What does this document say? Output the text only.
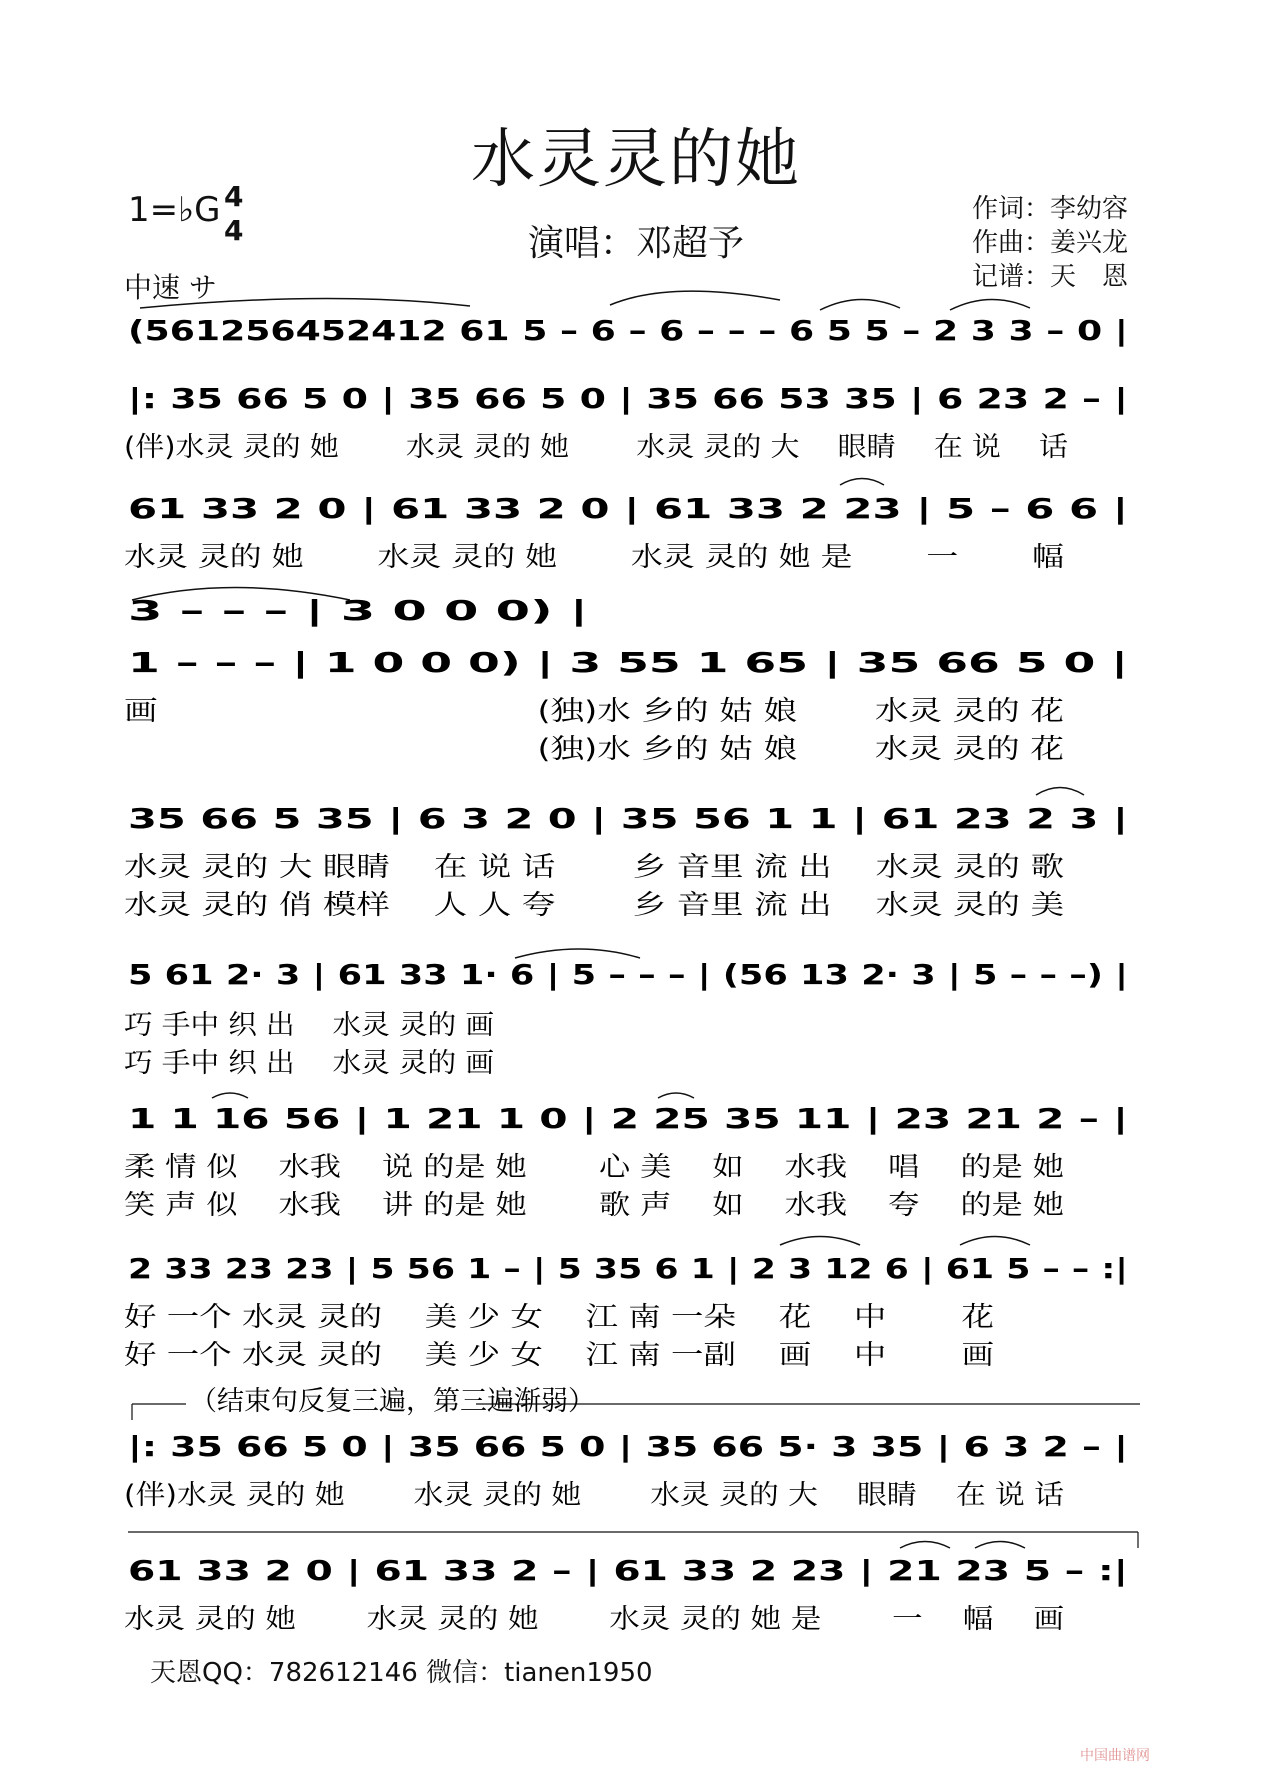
水灵灵的她
演唱：邓超予
1=♭G 4
4
中速 サ
作词：李幼容
作曲：姜兴龙
记谱：天　恩
(561256452412 61 5 – 6 – 6 – – – 6 5 5 – 2 3 3 – 0 |
|: 35 66 5 0 | 35 66 5 0 | 35 66 53 35 | 6 23 2 – |
(伴)水灵 灵的 她　　 水灵 灵的 她　　 水灵 灵的 大　 眼睛　 在 说　 话
61 33 2 0 | 61 33 2 0 | 61 33 2 23 | 5 – 6 6 |
水灵 灵的 她　　 水灵 灵的 她　　 水灵 灵的 她 是　　 一　　 幅
3 – – – | 3 0 0 0) |
1 – – – | 1 0 0 0) | 3 55 1 65 | 35 66 5 0 |
画　　　　　　　　　　　 (独)水 乡的 姑 娘　　 水灵 灵的 花
　　　　　　　　　　　　 (独)水 乡的 姑 娘　　 水灵 灵的 花
35 66 5 35 | 6 3 2 0 | 35 56 1 1 | 61 23 2 3 |
水灵 灵的 大 眼睛　 在 说 话　　 乡 音里 流 出　 水灵 灵的 歌
水灵 灵的 俏 模样　 人 人 夸　　 乡 音里 流 出　 水灵 灵的 美
5 61 2· 3 | 61 33 1· 6 | 5 – – – | (56 13 2· 3 | 5 – – –) |
巧 手中 织 出　 水灵 灵的 画
巧 手中 织 出　 水灵 灵的 画
1 1 16 56 | 1 21 1 0 | 2 25 35 11 | 23 21 2 – |
柔 情 似　 水我　 说 的是 她　　 心 美　 如　 水我　 唱　 的是 她
笑 声 似　 水我　 讲 的是 她　　 歌 声　 如　 水我　 夸　 的是 她
2 33 23 23 | 5 56 1 – | 5 35 6 1 | 2 3 12 6 | 61 5 – – :|
好 一个 水灵 灵的　 美 少 女　 江 南 一朵　 花　 中　　 花
好 一个 水灵 灵的　 美 少 女　 江 南 一副　 画　 中　　 画
（结束句反复三遍，第三遍渐弱）
|: 35 66 5 0 | 35 66 5 0 | 35 66 5· 3 35 | 6 3 2 – |
(伴)水灵 灵的 她　　 水灵 灵的 她　　 水灵 灵的 大　 眼睛　 在 说 话
61 33 2 0 | 61 33 2 – | 61 33 2 23 | 21 23 5 – :|
水灵 灵的 她　　 水灵 灵的 她　　 水灵 灵的 她 是　　 一　 幅　 画
天恩QQ：782612146 微信：tianen1950
中国曲谱网
